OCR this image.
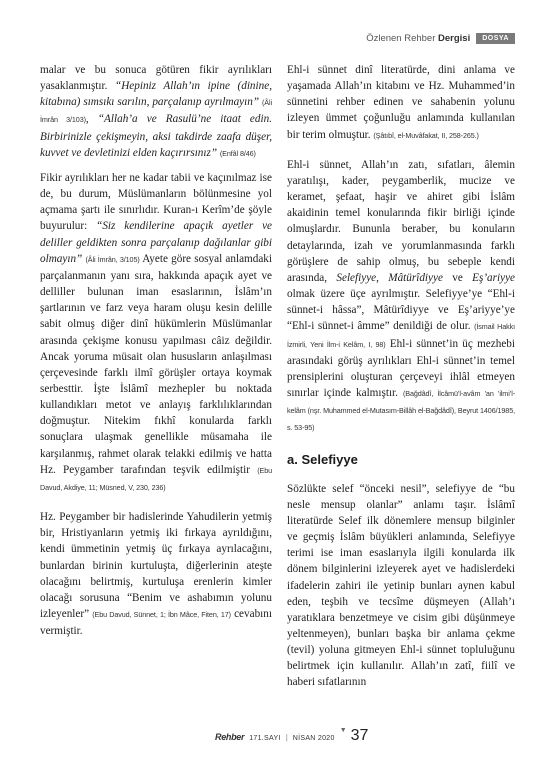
Özlenen Rehber Dergisi	DOSYA

malar ve bu sonuca götüren fikir ayrılıkları yasaklanmıştır. “Hepiniz Allah’ın ipine (dinine, kitabına) sımsıkı sarılın, parçalanıp ayrılmayın” (Âli İmrân 3/103), “Allah’a ve Rasulü’ne itaat edin. Birbirinizle çekişmeyin, aksi takdirde zaafa düşer, kuvvet ve devletinizi elden kaçırırsınız” (Enfâl 8/46)

Fikir ayrılıkları her ne kadar tabii ve kaçınılmaz ise de, bu durum, Müslümanların bölünmesine yol açmama şartı ile sınırlıdır. Kuran-ı Kerîm’de şöyle buyurulur: “Siz kendilerine apaçık ayetler ve deliller geldikten sonra parçalanıp dağılanlar gibi olmayın” (Âli İmrân, 3/105) Ayete göre sosyal anlamdaki parçalanmanın yanı sıra, hakkında apaçık ayet ve delliller bulunan iman esaslarının, İslâm’ın şartlarının ve farz veya haram oluşu kesin delille sabit olmuş diğer dinî hükümlerin Müslümanlar arasında çekişme konusu yapılması câiz değildir. Ancak yoruma müsait olan hususların anlaşılması çerçevesinde farklı ilmî görüşler ortaya koymak serbesttir. İşte İslâmî mezhepler bu noktada kullandıkları metot ve anlayış farklılıklarından doğmuştur. Nitekim fıkhî konularda farklı sonuçlara ulaşmak genellikle müsamaha ile karşılanmış, rahmet olarak telakki edilmiş ve hatta Hz. Peygamber tarafından teşvik edilmiştir (Ebu Davud, Akdiye, 11; Müsned, V, 230, 236)

Hz. Peygamber bir hadislerinde Yahudilerin yetmiş bir, Hristiyanların yetmiş iki fırkaya ayrıldığını, kendi ümmetinin yetmiş üç fırkaya ayrılacağını, bunlardan birinin kurtuluşta, diğerlerinin ateşte olacağını belirtmiş, kurtuluşa erenlerin kimler olacağı sorusuna “Benim ve ashabımın yolunu izleyenler” (Ebu Davud, Sünnet, 1; İbn Mâce, Fiten, 17) cevabını vermiştir.

Ehl-i sünnet dinî literatürde, dini anlama ve yaşamada Allah’ın kitabını ve Hz. Muhammed’in sünnetini rehber edinen ve sahabenin yolunu izleyen ümmet çoğunluğu anlamında kullanılan bir terim olmuştur. (Şâtıbî, el-Muvâfakat, II, 258-265.)

Ehl-i sünnet, Allah’ın zatı, sıfatları, âlemin yaratılışı, kader, peygamberlik, mucize ve keramet, şefaat, haşir ve ahiret gibi İslâm akaidinin temel konularında fikir birliği içinde olmuşlardır. Bununla beraber, bu konuların detaylarında, izah ve yorumlanmasında farklı görüşlere de sahip olmuş, bu sebeple kendi arasında, Selefiyye, Mâtürîdiyye ve Eş’ariyye olmak üzere üçe ayrılmıştır. Selefiyye’ye “Ehl-i sünnet-i hâssa”, Mâtürîdiyye ve Eş’ariyye’ye “Ehl-i sünnet-i âmme” denildiği de olur. (İsmail Hakkı İzmirli, Yeni İlm-i Kelâm, I, 98) Ehl-i sünnet’in üç mezhebi arasındaki görüş ayrılıkları Ehl-i sünnet’in temel prensiplerini oluşturan çerçeveyi ihlâl etmeyen sınırlar içinde kalmıştır. (Bağdâdî, İlcâmü’l-avâm ’an ’ilmi’l-kelâm (nşr. Muhammed el-Mutasım-Billâh el-Bağdâdî), Beyrut 1406/1985, s. 53-95)

a. Selefiyye

Sözlükte selef “önceki nesil”, selefiyye de “bu nesle mensup olanlar” anlamı taşır. İslâmî literatürde Selef ilk dönemlere mensup bilginler ve geçmiş İslâm büyükleri anlamında, Selefiyye terimi ise iman esaslarıyla ilgili konularda ilk dönem bilginlerini izleyerek ayet ve hadislerdeki ifadelerin zahiri ile yetinip bunları aynen kabul eden, teşbih ve tecsîme düşmeyen (Allah’ı yaratıklara benzetmeye ve cisim gibi düşünmeye yeltenmeyen), bunları başka bir anlama çekme (tevil) yoluna gitmeyen Ehl-i sünnet topluluğunu belirtmek için kullanılır. Allah’ın zatî, fiilî ve haberi sıfatlarının

Rehber 171.SAYI | NİSAN 2020
▼ 37
